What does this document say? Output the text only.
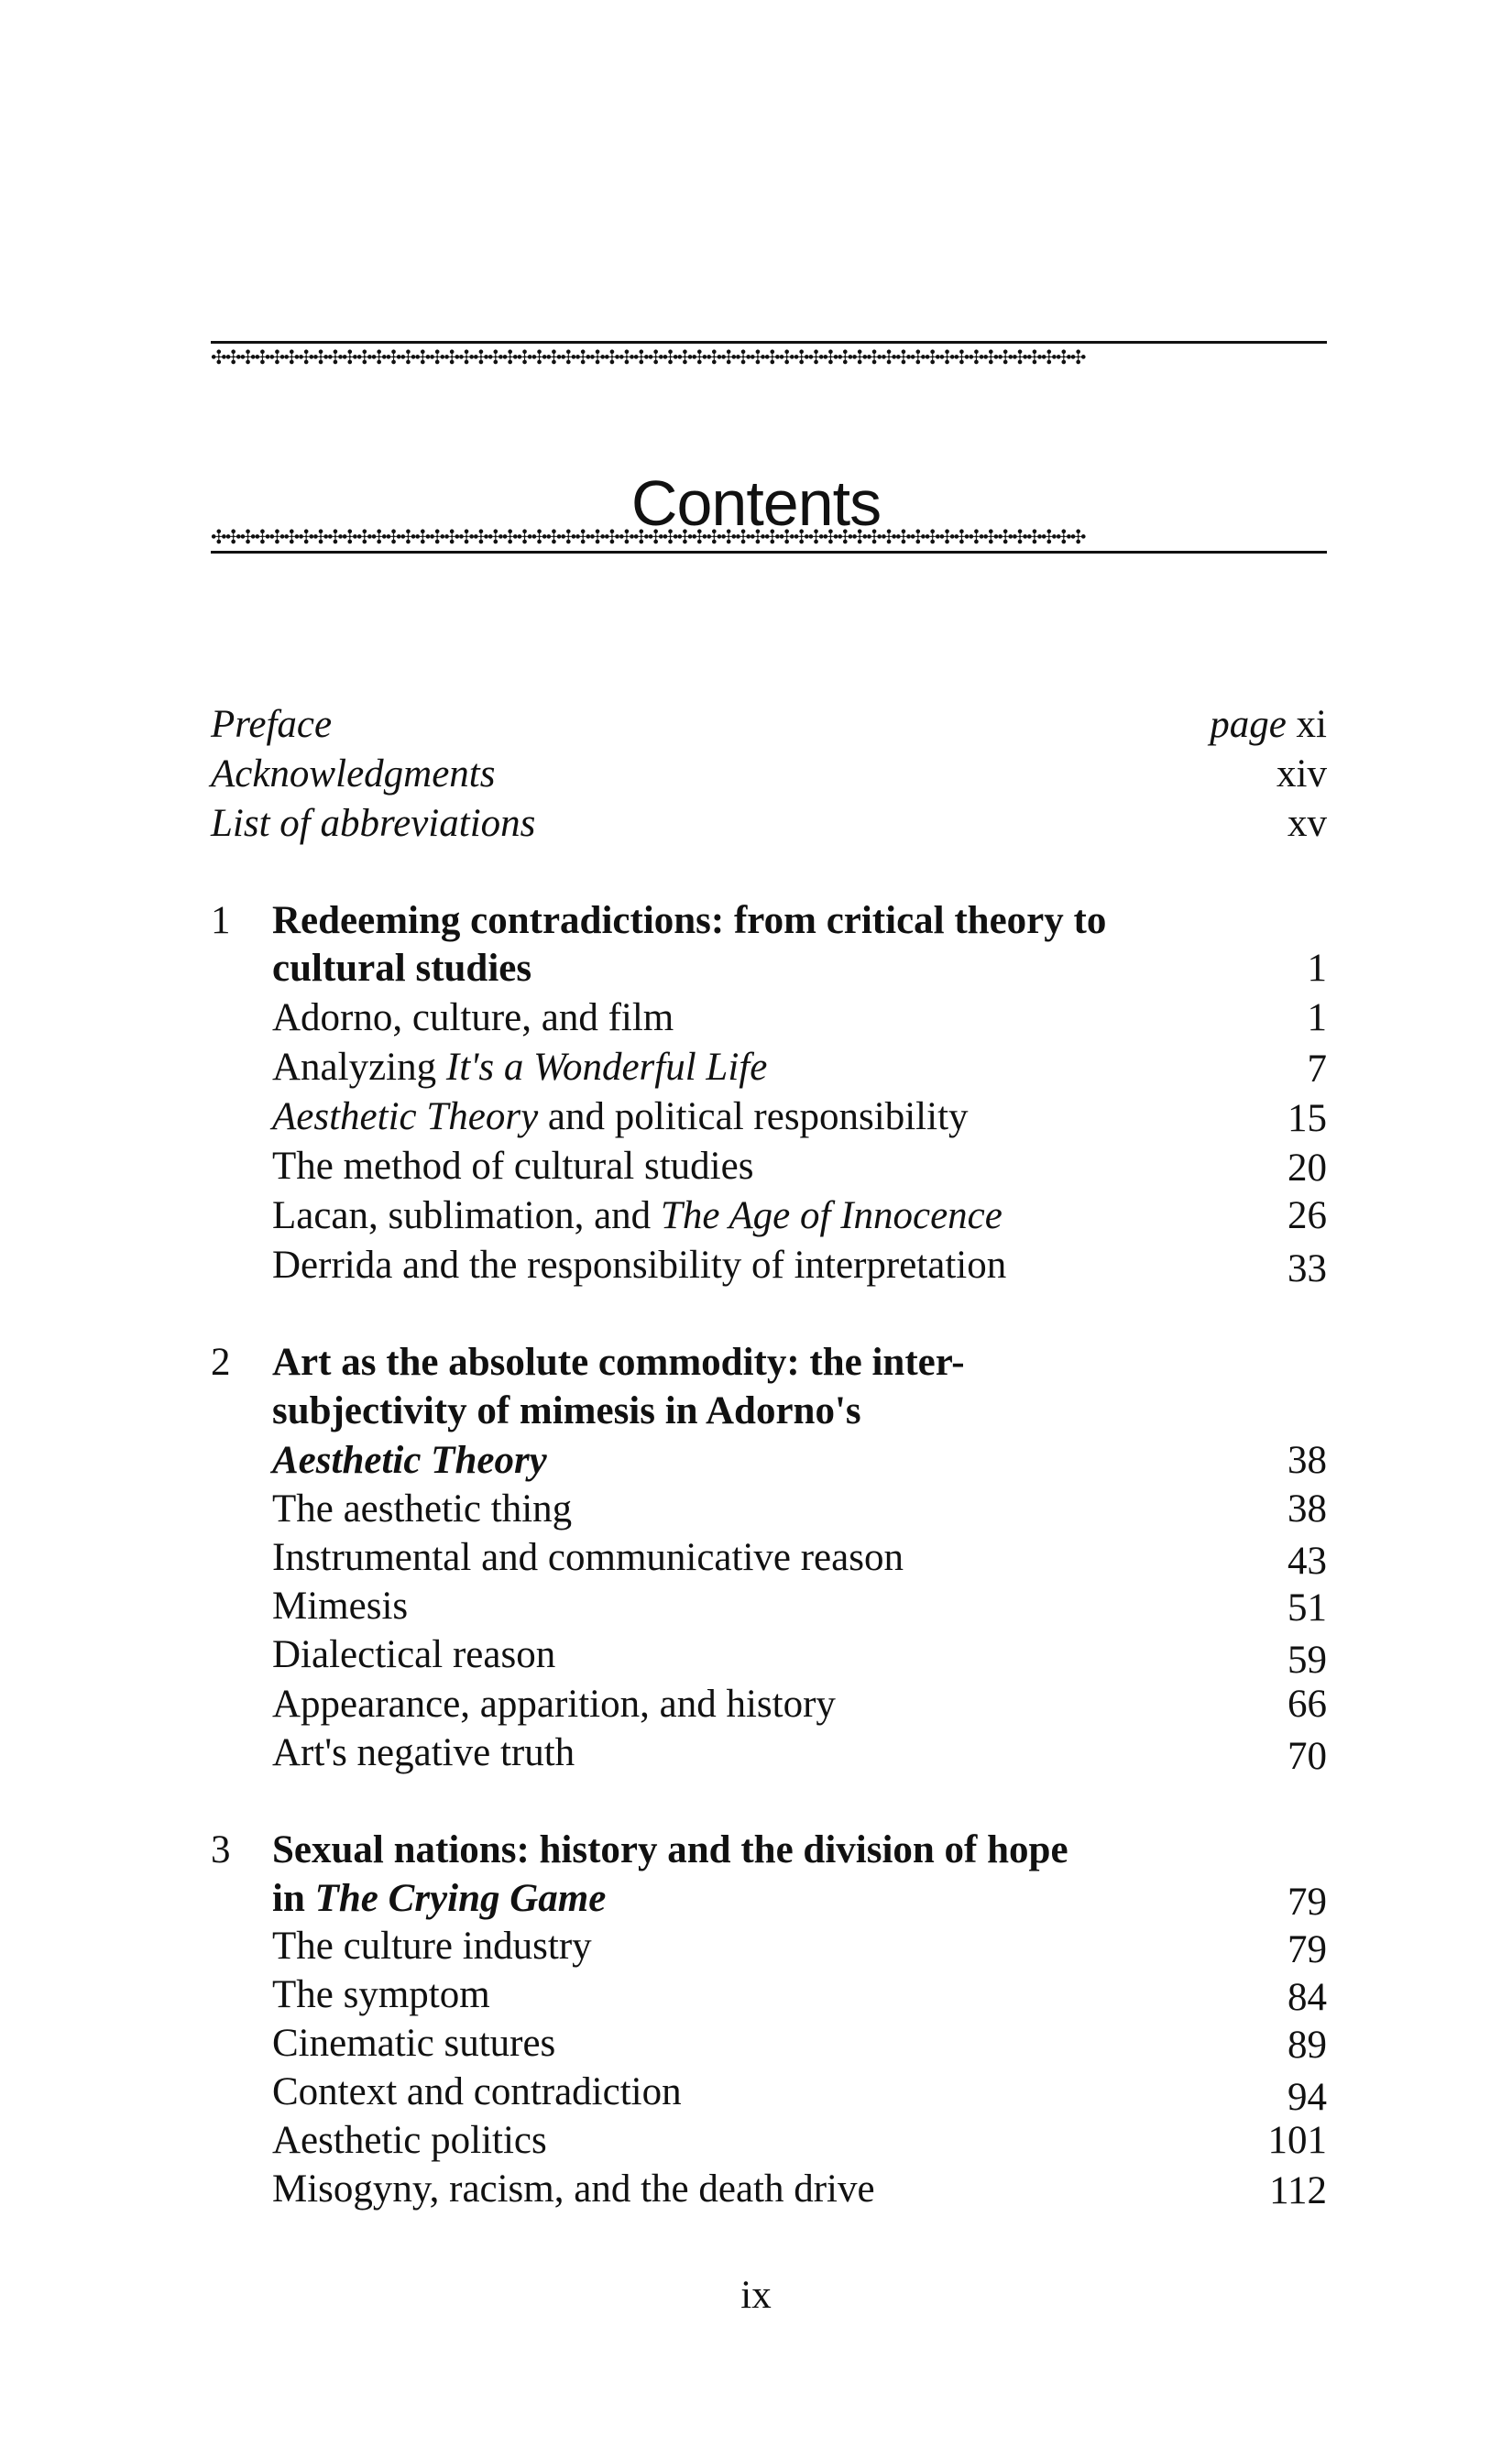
✣✣✣✣✣✣✣✣✣✣✣✣✣✣✣✣✣✣✣✣✣✣✣✣✣✣✣✣✣✣✣✣✣✣✣✣✣✣✣✣✣✣✣✣✣✣✣✣✣✣✣✣✣✣✣✣✣✣✣✣
Contents
✣✣✣✣✣✣✣✣✣✣✣✣✣✣✣✣✣✣✣✣✣✣✣✣✣✣✣✣✣✣✣✣✣✣✣✣✣✣✣✣✣✣✣✣✣✣✣✣✣✣✣✣✣✣✣✣✣✣✣✣
Preface	page xi
Acknowledgments	xiv
List of abbreviations	xv
1 Redeeming contradictions: from critical theory to
cultural studies	1
Adorno, culture, and film	1
Analyzing It's a Wonderful Life	7
Aesthetic Theory and political responsibility	15
The method of cultural studies	20
Lacan, sublimation, and The Age of Innocence	26
Derrida and the responsibility of interpretation	33
2 Art as the absolute commodity: the inter-
subjectivity of mimesis in Adorno's
Aesthetic Theory	38
The aesthetic thing	38
Instrumental and communicative reason	43
Mimesis	51
Dialectical reason	59
Appearance, apparition, and history	66
Art's negative truth	70
3 Sexual nations: history and the division of hope
in The Crying Game	79
The culture industry	79
The symptom	84
Cinematic sutures	89
Context and contradiction	94
Aesthetic politics	101
Misogyny, racism, and the death drive	112
ix
